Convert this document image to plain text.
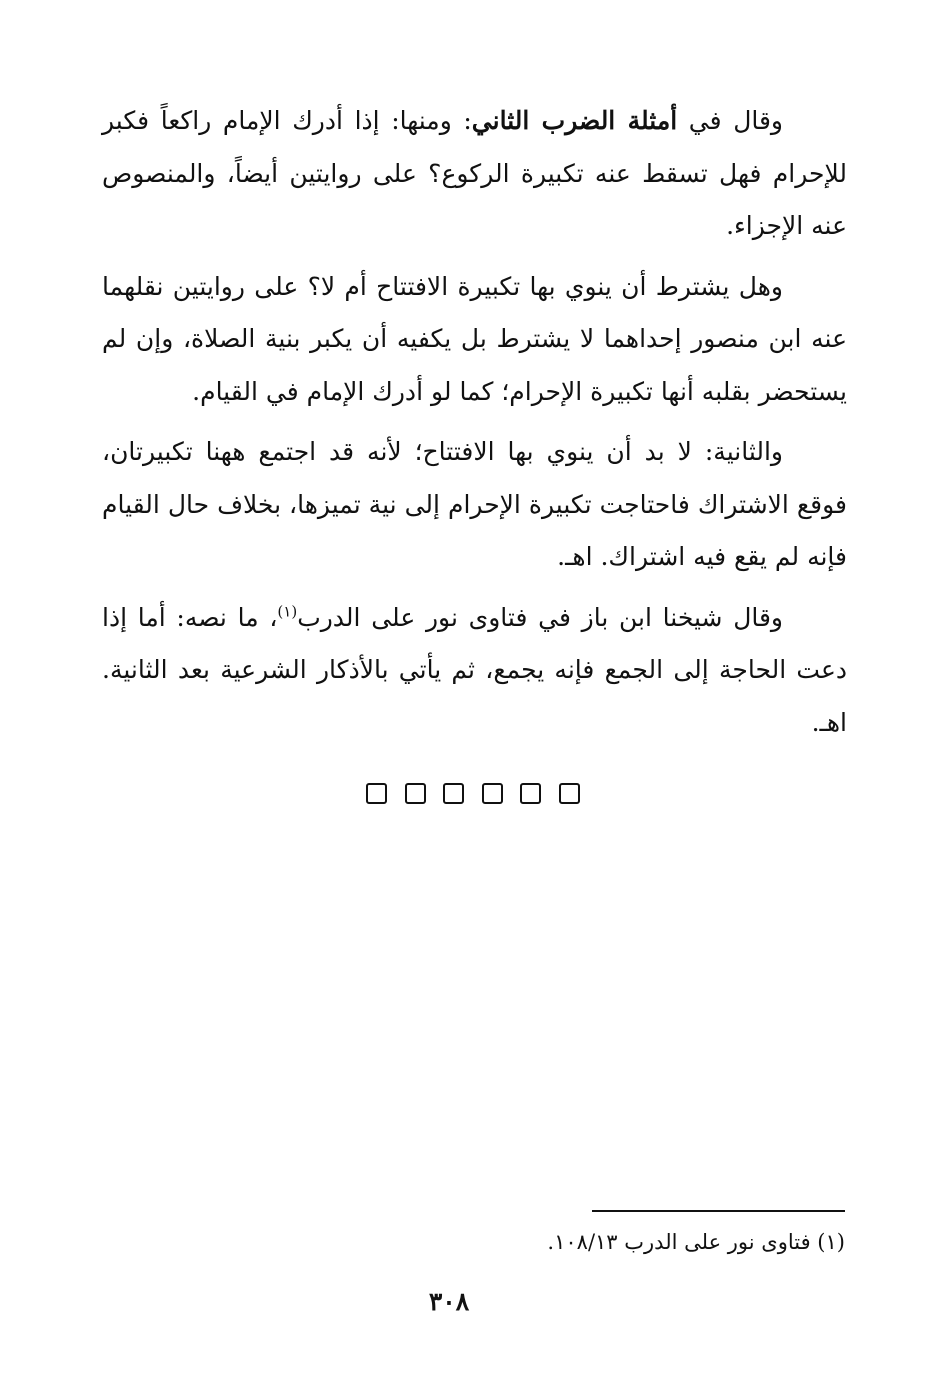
وقال في أمثلة الضرب الثاني: ومنها: إذا أدرك الإمام راكعاً فكبر للإحرام فهل تسقط عنه تكبيرة الركوع؟ على روايتين أيضاً، والمنصوص عنه الإجزاء.

وهل يشترط أن ينوي بها تكبيرة الافتتاح أم لا؟ على روايتين نقلهما عنه ابن منصور إحداهما لا يشترط بل يكفيه أن يكبر بنية الصلاة، وإن لم يستحضر بقلبه أنها تكبيرة الإحرام؛ كما لو أدرك الإمام في القيام.

والثانية: لا بد أن ينوي بها الافتتاح؛ لأنه قد اجتمع ههنا تكبيرتان، فوقع الاشتراك فاحتاجت تكبيرة الإحرام إلى نية تميزها، بخلاف حال القيام فإنه لم يقع فيه اشتراك. اهـ.

وقال شيخنا ابن باز في فتاوى نور على الدرب$^{(١)}$، ما نصه: أما إذا دعت الحاجة إلى الجمع فإنه يجمع، ثم يأتي بالأذكار الشرعية بعد الثانية. اهـ.

(١) فتاوى نور على الدرب ١٣/‏١٠٨.
٣٠٨
